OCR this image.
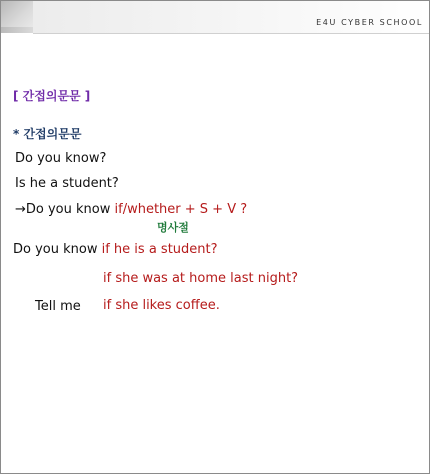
E4U CYBER SCHOOL
[ 간접의문문 ]
* 간접의문문
Do you know?
Is he a student?
→Do you know if/whether + S + V ?
명사절
Do you know if he is a student?
if she was at home last night?
Tell me if she likes coffee.
